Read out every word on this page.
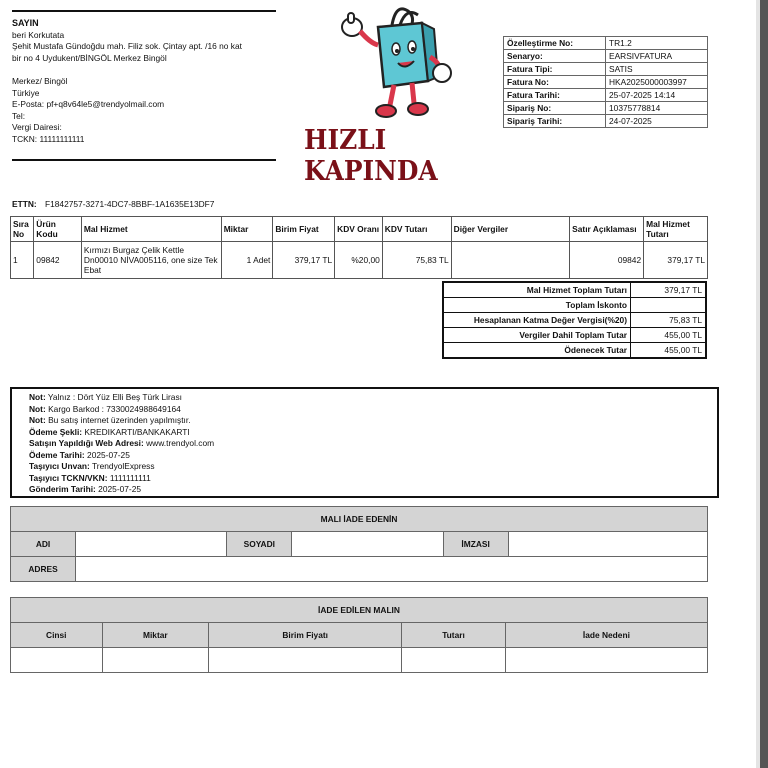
SAYIN
beri Korkutata
Şehit Mustafa Gündoğdu mah. Filiz sok. Çintay apt. /16 no kat
bir no 4 Uydukent/BİNGÖL Merkez Bingöl
Merkez/ Bingöl
Türkiye
E-Posta: pf+q8v64le5@trendyolmail.com
Tel:
Vergi Dairesi:
TCKN: 11111111111	HIZLI KAPINDA
Özelleştirme No:	TR1.2
Senaryo:	EARSIVFATURA
Fatura Tipi:	SATIS
Fatura No:	HKA2025000003997
Fatura Tarihi:	25-07-2025 14:14
Sipariş No:	10375778814
Sipariş Tarihi:	24-07-2025
ETTN: F1842757-3271-4DC7-8BBF-1A1635E13DF7
Sıra No	Ürün Kodu	Mal Hizmet	Miktar	Birim Fiyat	KDV Oranı	KDV Tutarı	Diğer Vergiler	Satır Açıklaması	Mal Hizmet Tutarı
1	09842	Kırmızı Burgaz Çelik Kettle Dn00010 NİVA005116, one size Tek Ebat	1 Adet	379,17 TL	%20,00	75,83 TL		09842	379,17 TL
Mal Hizmet Toplam Tutarı	379,17 TL
Toplam İskonto	
Hesaplanan Katma Değer Vergisi(%20)	75,83 TL
Vergiler Dahil Toplam Tutar	455,00 TL
Ödenecek Tutar	455,00 TL
Not: Yalnız : Dört Yüz Elli Beş Türk Lirası
Not: Kargo Barkod : 7330024988649164
Not: Bu satış internet üzerinden yapılmıştır.
Ödeme Şekli: KREDIKARTI/BANKAKARTI
Satışın Yapıldığı Web Adresi: www.trendyol.com
Ödeme Tarihi: 2025-07-25
Taşıyıcı Unvan: TrendyolExpress
Taşıyıcı TCKN/VKN: 1111111111
Gönderim Tarihi: 2025-07-25
MALI İADE EDENİN					
ADI		SOYADI		İMZASI	
ADRES					
İADE EDİLEN MALIN				
Cinsi	Miktar	Birim Fiyatı	Tutarı	İade Nedeni
